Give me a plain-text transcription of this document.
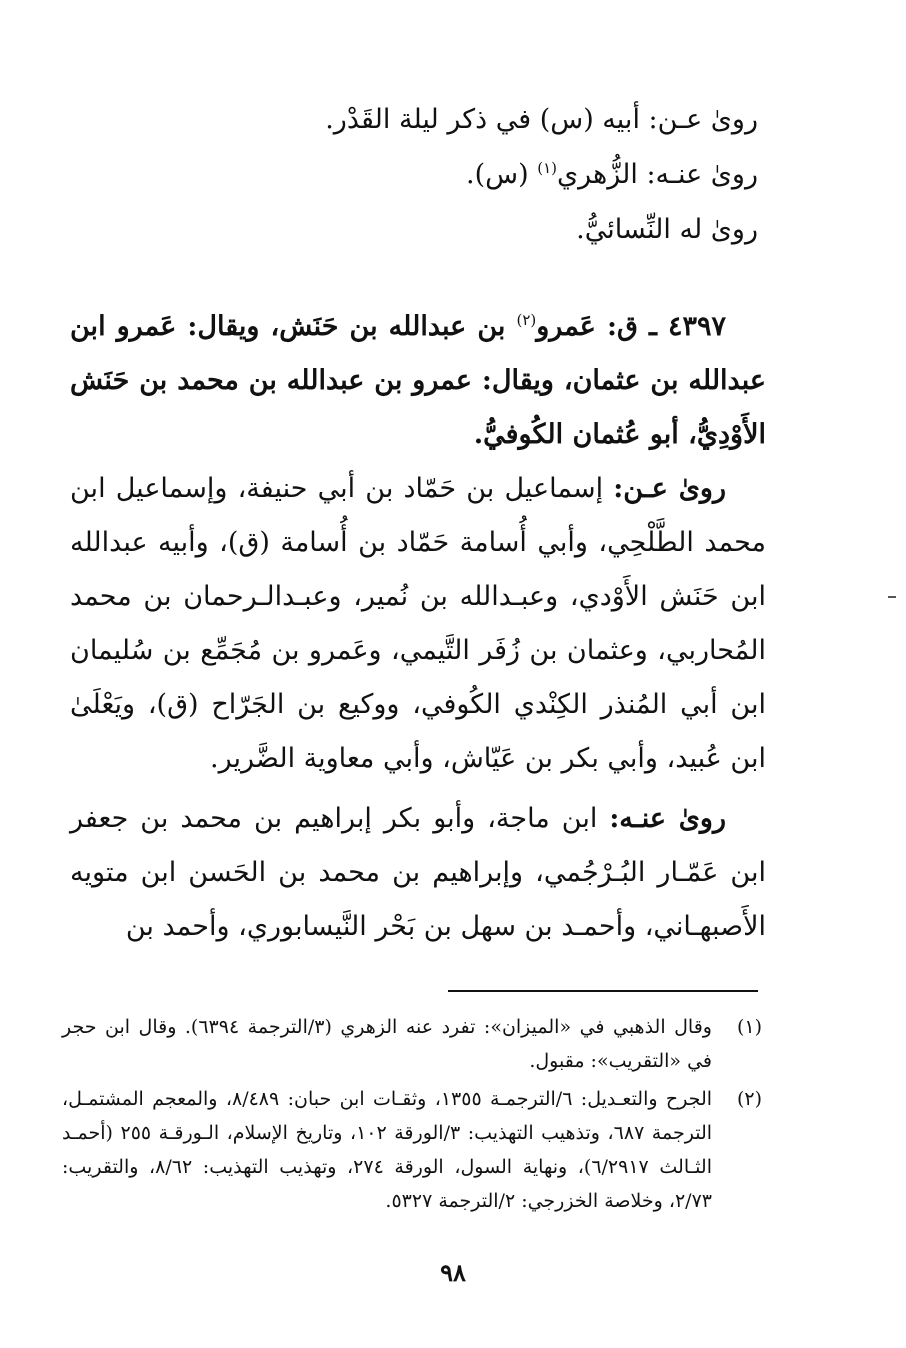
رویٰ عـن: أبيه (س) في ذكر ليلة القَدْر.
رویٰ عنـه: الزُّهري$^{(١)}$ (س).
رویٰ له النِّسائيُّ.

٤٣٩٧ ـ ق: عَمرو$^{(٢)}$ بن عبدالله بن حَنَش، ويقال: عَمرو ابن عبدالله بن عثمان، ويقال: عمرو بن عبدالله بن محمد بن حَنَش الأَوْدِيُّ، أبو عُثمان الكُوفيُّ.

رویٰ عـن: إسماعيل بن حَمّاد بن أبي حنيفة، وإسماعيل ابن محمد الطَّلْحِي، وأبي أُسامة حَمّاد بن أُسامة (ق)، وأبيه عبدالله ابن حَنَش الأَوْدي، وعبـدالله بن نُمير، وعبـدالـرحمان بن محمد المُحاربي، وعثمان بن زُفَر التَّيمي، وعَمرو بن مُجَمِّع بن سُليمان ابن أبي المُنذر الكِنْدي الكُوفي، ووكيع بن الجَرّاح (ق)، ويَعْلَىٰ ابن عُبيد، وأبي بكر بن عَيّاش، وأبي معاوية الضَّرير.

رویٰ عنـه: ابن ماجة، وأبو بكر إبراهيم بن محمد بن جعفر ابن عَمّـار البُـرْجُمي، وإبراهيم بن محمد بن الحَسن ابن متويه الأَصبهـاني، وأحمـد بن سهل بن بَحْر النَّيسابوري، وأحمد بن

(١)
وقال الذهبي في «الميزان»: تفرد عنه الزهري (٣/الترجمة ٦٣٩٤). وقال ابن حجر في «التقريب»: مقبول.
(٢)
الجرح والتعـديل: ٦/الترجمـة ١٣٥٥، وثقـات ابن حبان: ٨/٤٨٩، والمعجم المشتمـل، الترجمة ٦٨٧، وتذهيب التهذيب: ٣/الورقة ١٠٢، وتاريخ الإسلام، الـورقـة ٢٥٥ (أحمـد الثـالث ٦/٢٩١٧)، ونهاية السول، الورقة ٢٧٤، وتهذيب التهذيب: ٨/٦٢، والتقريب: ٢/٧٣، وخلاصة الخزرجي: ٢/الترجمة ٥٣٢٧.
٩٨
